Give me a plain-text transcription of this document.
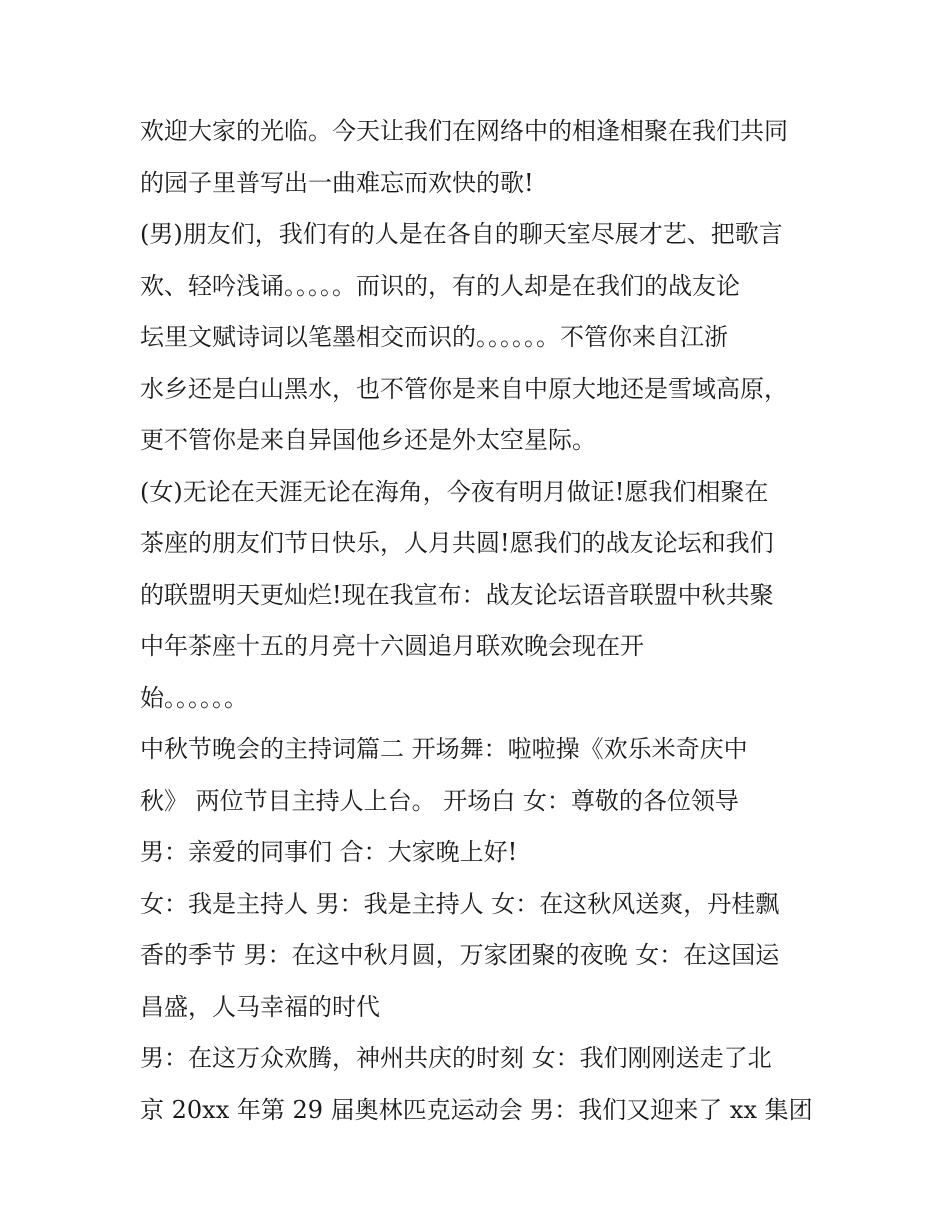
欢迎大家的光临。今天让我们在网络中的相逢相聚在我们共同
的园子里普写出一曲难忘而欢快的歌!
(男)朋友们，我们有的人是在各自的聊天室尽展才艺、把歌言
欢、轻吟浅诵。。。。。而识的，有的人却是在我们的战友论
坛里文赋诗词以笔墨相交而识的。。。。。。不管你来自江浙
水乡还是白山黑水，也不管你是来自中原大地还是雪域高原，
更不管你是来自异国他乡还是外太空星际。
(女)无论在天涯无论在海角，今夜有明月做证!愿我们相聚在
茶座的朋友们节日快乐，人月共圆!愿我们的战友论坛和我们
的联盟明天更灿烂!现在我宣布：战友论坛语音联盟中秋共聚
中年茶座十五的月亮十六圆追月联欢晚会现在开
始。。。。。。
中秋节晚会的主持词篇二 开场舞：啦啦操《欢乐米奇庆中
秋》 两位节目主持人上台。 开场白 女：尊敬的各位领导
男：亲爱的同事们 合：大家晚上好!
女：我是主持人 男：我是主持人 女：在这秋风送爽，丹桂飘
香的季节 男：在这中秋月圆，万家团聚的夜晚 女：在这国运
昌盛，人马幸福的时代
男：在这万众欢腾，神州共庆的时刻 女：我们刚刚送走了北
京 20xx 年第 29 届奥林匹克运动会 男：我们又迎来了 xx 集团
